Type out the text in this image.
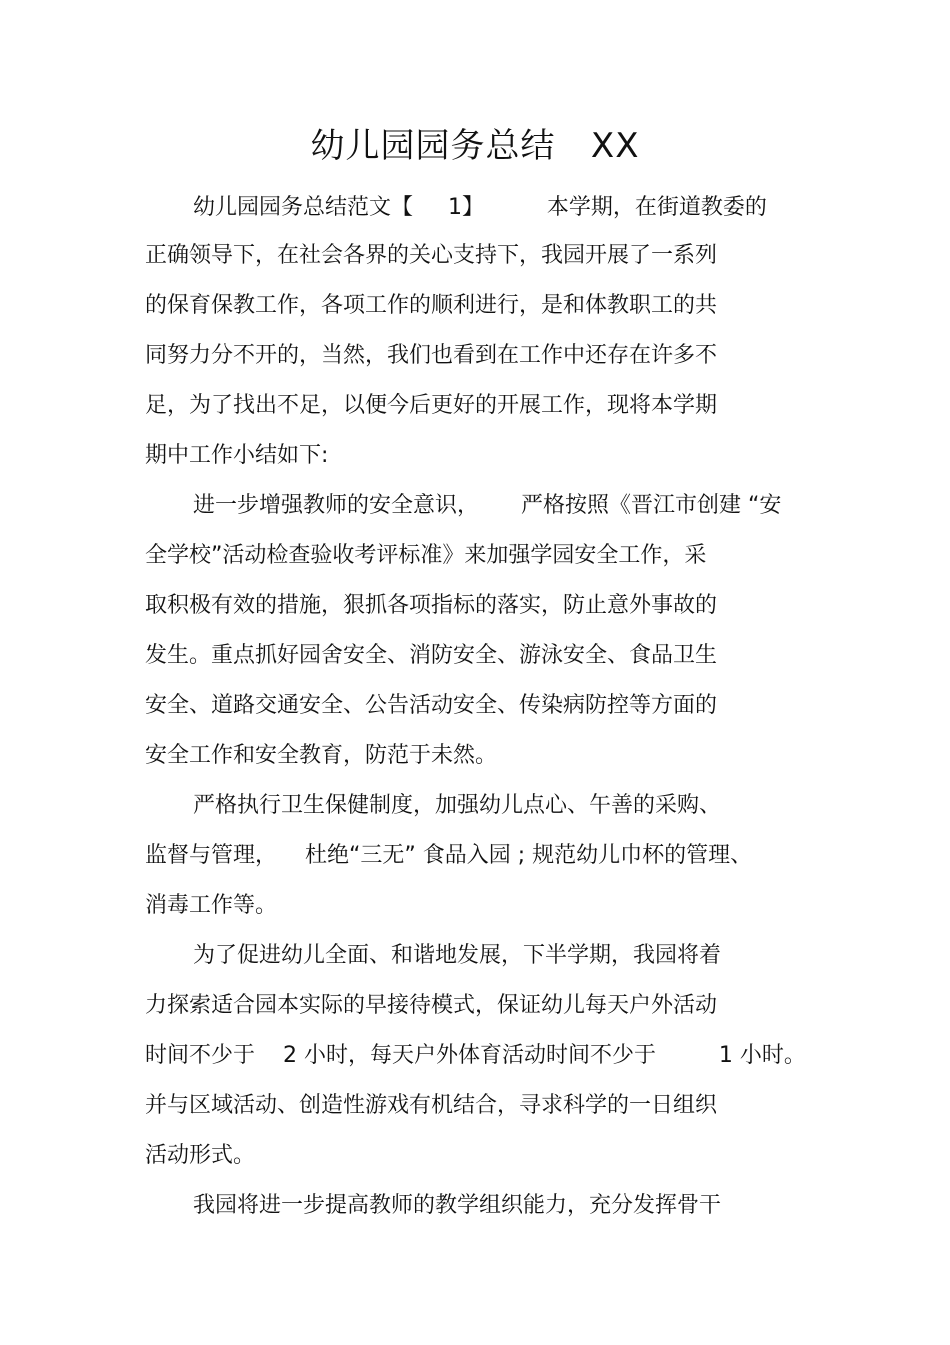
幼儿园园务总结   XX
幼儿园园务总结范文【     1】         本学期，在街道教委的
正确领导下，在社会各界的关心支持下，我园开展了一系列
的保育保教工作，各项工作的顺利进行，是和体教职工的共
同努力分不开的，当然，我们也看到在工作中还存在许多不
足，为了找出不足，以便今后更好的开展工作，现将本学期
期中工作小结如下:
进一步增强教师的安全意识，      严格按照《晋江市创建 “安
全学校”活动检查验收考评标准》来加强学园安全工作，采
取积极有效的措施，狠抓各项指标的落实，防止意外事故的
发生。重点抓好园舍安全、消防安全、游泳安全、食品卫生
安全、道路交通安全、公告活动安全、传染病防控等方面的
安全工作和安全教育，防范于未然。
严格执行卫生保健制度，加强幼儿点心、午善的采购、
监督与管理，    杜绝“三无” 食品入园 ; 规范幼儿巾杯的管理、
消毒工作等。
为了促进幼儿全面、和谐地发展，下半学期，我园将着
力探索适合园本实际的早接待模式，保证幼儿每天户外活动
时间不少于    2 小时，每天户外体育活动时间不少于         1 小时。
并与区域活动、创造性游戏有机结合，寻求科学的一日组织
活动形式。
我园将进一步提高教师的教学组织能力，充分发挥骨干
